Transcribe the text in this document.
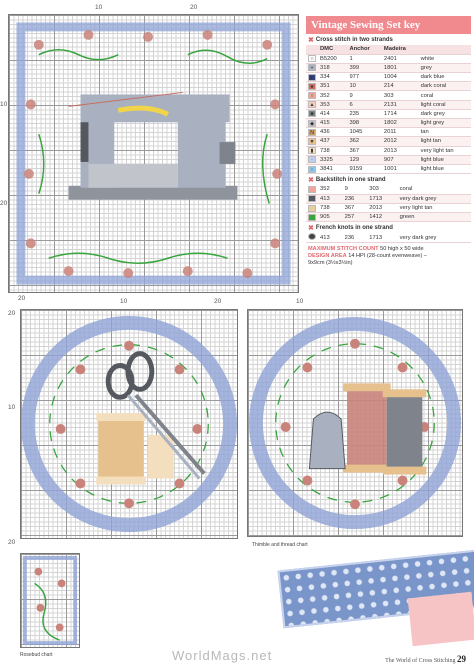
10	20
10
20
20
Vintage Sewing Set key
✖ Cross stitch in two strands
	DMC	Anchor	Madeira	
∩	B5200	1	2401	white
▪	318	399	1801	grey
◐	334	977	1004	dark blue
●	351	10	214	dark coral
○	352	9	303	coral
▲	353	6	2131	light coral
■	414	235	1714	dark grey
◆	415	398	1802	light grey
N	436	1045	2011	tan
▼	437	362	2012	light tan
▮	738	367	2013	very light tan
·	3325	129	907	light blue
↑	3841	9159	1001	light blue
✖ Backstitch in one strand
	352	9	303	coral
	413	236	1713	very dark grey
	738	367	2013	very light tan
	905	257	1412	green
✖ French knots in one strand
	413	236	1713	very dark grey
MAXIMUM STITCH COUNT 50 high x 50 wide
DESIGN AREA 14 HPI (28-count evenweave) –
9x9cm (3½x3½in)
10	20
20
10
20
10
Thimble and thread chart
Rosebud chart	WorldMags.net	The World of Cross Stitching 29
